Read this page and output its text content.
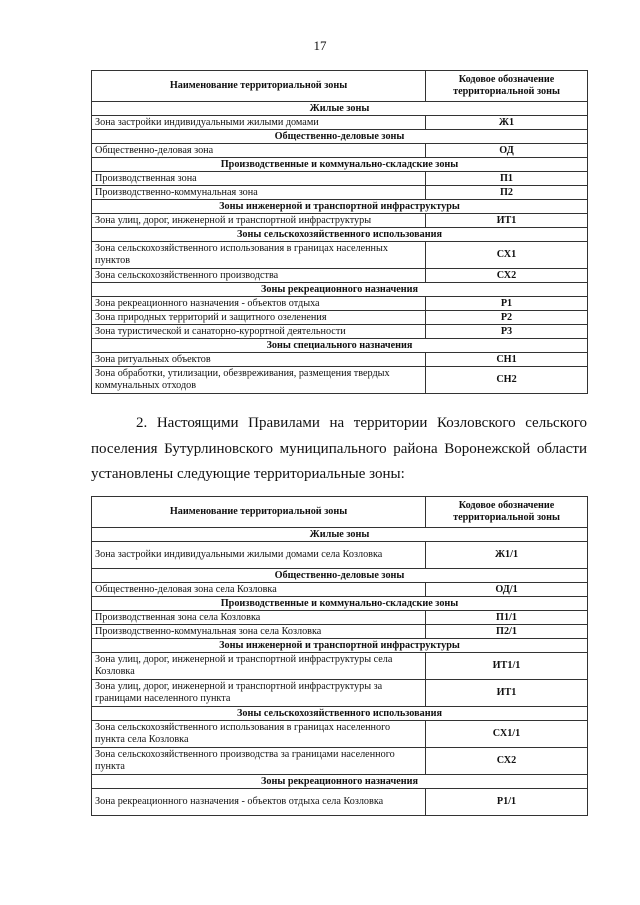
17
Наименование территориальной зоны	Кодовое обозначение территориальной зоны
Жилые зоны	
Зона застройки индивидуальными жилыми домами	Ж1
Общественно-деловые зоны	
Общественно-деловая зона	ОД
Производственные и коммунально-складские зоны	
Производственная зона	П1
Производственно-коммунальная зона	П2
Зоны инженерной и транспортной инфраструктуры	
Зона улиц, дорог, инженерной и транспортной инфраструктуры	ИТ1
Зоны сельскохозяйственного использования	
Зона сельскохозяйственного использования в границах населенных пунктов	СХ1
Зона сельскохозяйственного производства	СХ2
Зоны рекреационного назначения	
Зона рекреационного назначения - объектов отдыха	Р1
Зона природных территорий и защитного озеленения	Р2
Зона туристической и санаторно-курортной деятельности	Р3
Зоны специального назначения	
Зона ритуальных объектов	СН1
Зона обработки, утилизации, обезвреживания, размещения твердых коммунальных отходов	СН2
2. Настоящими Правилами на территории Козловского сельского
поселения Бутурлиновского муниципального района Воронежской области
установлены следующие территориальные зоны:
Наименование территориальной зоны	Кодовое обозначение территориальной зоны
Жилые зоны	
Зона застройки индивидуальными жилыми домами села Козловка	Ж1/1
Общественно-деловые зоны	
Общественно-деловая зона села Козловка	ОД/1
Производственные и коммунально-складские зоны	
Производственная зона села Козловка	П1/1
Производственно-коммунальная зона села Козловка	П2/1
Зоны инженерной и транспортной инфраструктуры	
Зона улиц, дорог, инженерной и транспортной инфраструктуры села Козловка	ИТ1/1
Зона улиц, дорог, инженерной и транспортной инфраструктуры за границами населенного пункта	ИТ1
Зоны сельскохозяйственного использования	
Зона сельскохозяйственного использования в границах населенного пункта села Козловка	СХ1/1
Зона сельскохозяйственного производства за границами населенного пункта	СХ2
Зоны рекреационного назначения	
Зона рекреационного назначения - объектов отдыха села Козловка	Р1/1
